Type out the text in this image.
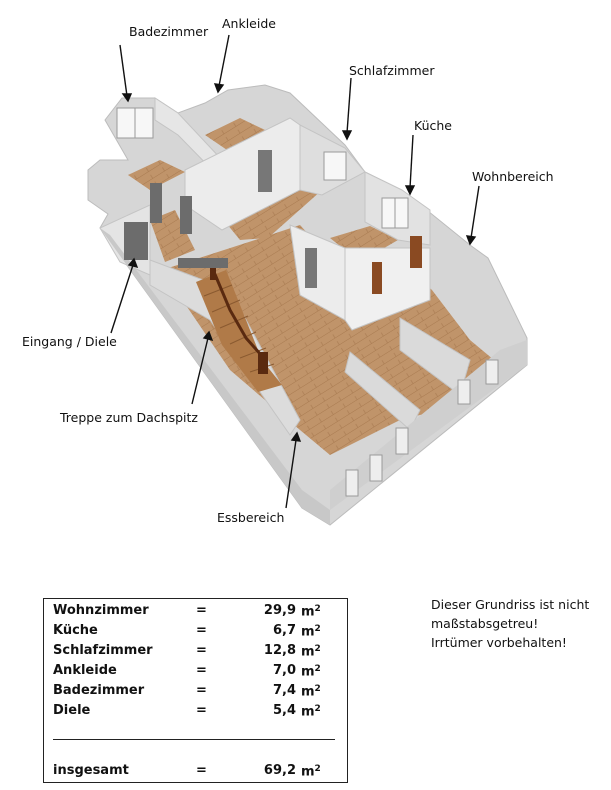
Badezimmer
Ankleide
Schlafzimmer
Küche
Wohnbereich
Eingang / Diele
Treppe zum Dachspitz
Essbereich
Wohnzimmer	=	29,9 $m^2$
Küche	=	6,7 $m^2$
Schlafzimmer	=	12,8 $m^2$
Ankleide	=	7,0 $m^2$
Badezimmer	=	7,4 $m^2$
Diele	=	5,4 $m^2$
insgesamt	=	69,2 $m^2$
Dieser Grundriss ist nicht
maßstabsgetreu!
Irrtümer vorbehalten!
